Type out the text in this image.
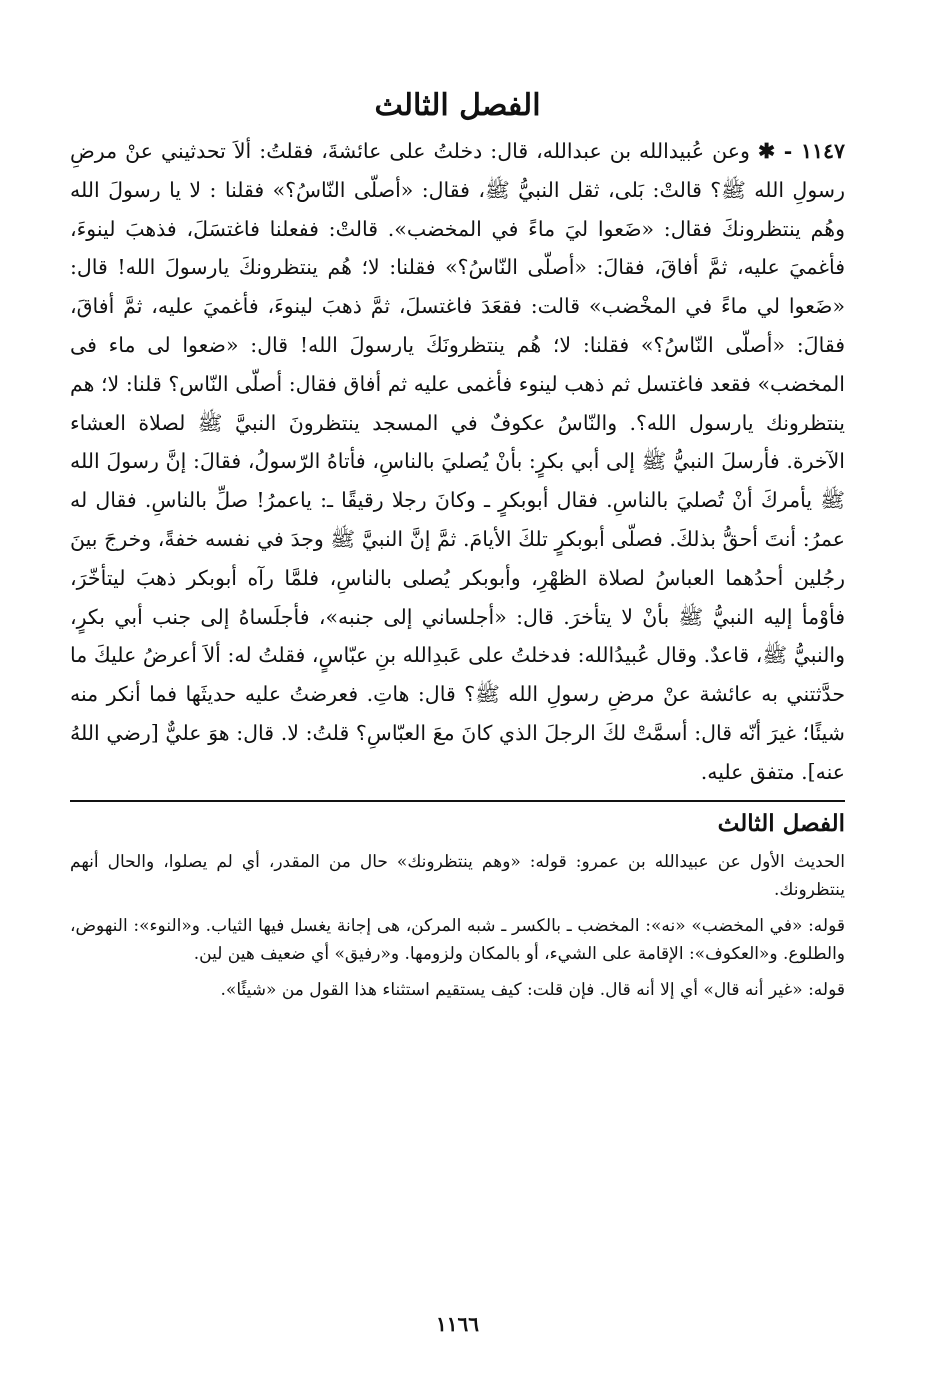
الفصل الثالث

١١٤٧ - ✱ وعن عُبيدالله بن عبدالله، قال: دخلتُ على عائشةَ، فقلتُ: ألاَ تحدثيني عنْ مرضِ رسولِ الله ﷺ؟ قالتْ: بَلى، ثقل النبيُّ ﷺ، فقال: «أصلّى النّاسُ؟» فقلنا : لا يا رسولَ الله وهُم ينتظرونكَ فقال: «ضَعوا ليَ ماءً في المخضب». قالتْ: ففعلنا فاغتسَلَ، فذهبَ لينوءَ، فأغميَ عليه، ثمَّ أفاقَ، فقالَ: «أصلّى النّاسُ؟» فقلنا: لا؛ هُم ينتظرونكَ يارسولَ الله! قال: «ضَعوا لي ماءً في المخْضب» قالت: فقعَدَ فاغتسلَ، ثمَّ ذهبَ لينوءَ، فأغميَ عليه، ثمَّ أفاقَ، فقالَ: «أصلّى النّاسُ؟» فقلنا: لا؛ هُم ينتظرونَكَ يارسولَ الله! قال: «ضعوا لى ماء فى المخضب» فقعد فاغتسل ثم ذهب لينوء فأغمى عليه ثم أفاق فقال: أصلّى النّاس؟ قلنا: لا؛ هم ينتظرونك يارسول الله؟. والنّاسُ عكوفٌ في المسجد ينتظرونَ النبيَّ ﷺ لصلاة العشاء الآخرة. فأرسلَ النبيُّ ﷺ إلى أبي بكرٍ: بأنْ يُصليَ بالناسِ، فأتاهُ الرّسولُ، فقالَ: إنَّ رسولَ الله ﷺ يأمركَ أنْ تُصليَ بالناسِ. فقال أبوبكرٍ ـ وكانَ رجلا رقيقًا ـ: ياعمرُ! صلِّ بالناسِ. فقال له عمرُ: أنتَ أحقُّ بذلكَ. فصلّى أبوبكرٍ تلكَ الأيامَ. ثمَّ إنَّ النبيَّ ﷺ وجدَ في نفسه خفةً، وخرجَ بينَ رجُلين أحدُهما العباسُ لصلاة الظهْرِ، وأبوبكر يُصلى بالناسِ، فلمَّا رآه أبوبكر ذهبَ ليتأخّرَ، فأوْمأ إليه النبيُّ ﷺ بأنْ لا يتأخرَ. قال: «أجلساني إلى جنبه»، فأجلَساهُ إلى جنب أبي بكرٍ، والنبيُّ ﷺ، قاعدٌ. وقال عُبيدُالله: فدخلتُ على عَبدِالله بنِ عبّاسٍ، فقلتُ له: ألاَ أعرضُ عليكَ ما حدَّثتني به عائشة عنْ مرضِ رسولِ الله ﷺ؟ قال: هاتِ. فعرضتُ عليه حديثَها فما أنكر منه شيئًا؛ غيرَ أنّه قال: أسمَّتْ لكَ الرجلَ الذي كانَ معَ العبّاسِ؟ قلتُ: لا. قال: هوَ عليٌّ [رضي اللهُ عنه]. متفق عليه.

الفصل الثالث

الحديث الأول عن عبيدالله بن عمرو: قوله: «وهم ينتظرونك» حال من المقدر، أي لم يصلوا، والحال أنهم ينتظرونك.

قوله: «في المخضب» «نه»: المخضب ـ بالكسر ـ شبه المركن، هى إجانة يغسل فيها الثياب. و«النوء»: النهوض، والطلوع. و«العكوف»: الإقامة على الشيء، أو بالمكان ولزومها. و«رفيق» أي ضعيف هين لين.

قوله: «غير أنه قال» أي إلا أنه قال. فإن قلت: كيف يستقيم استثناء هذا القول من «شيئًا».

١١٦٦
